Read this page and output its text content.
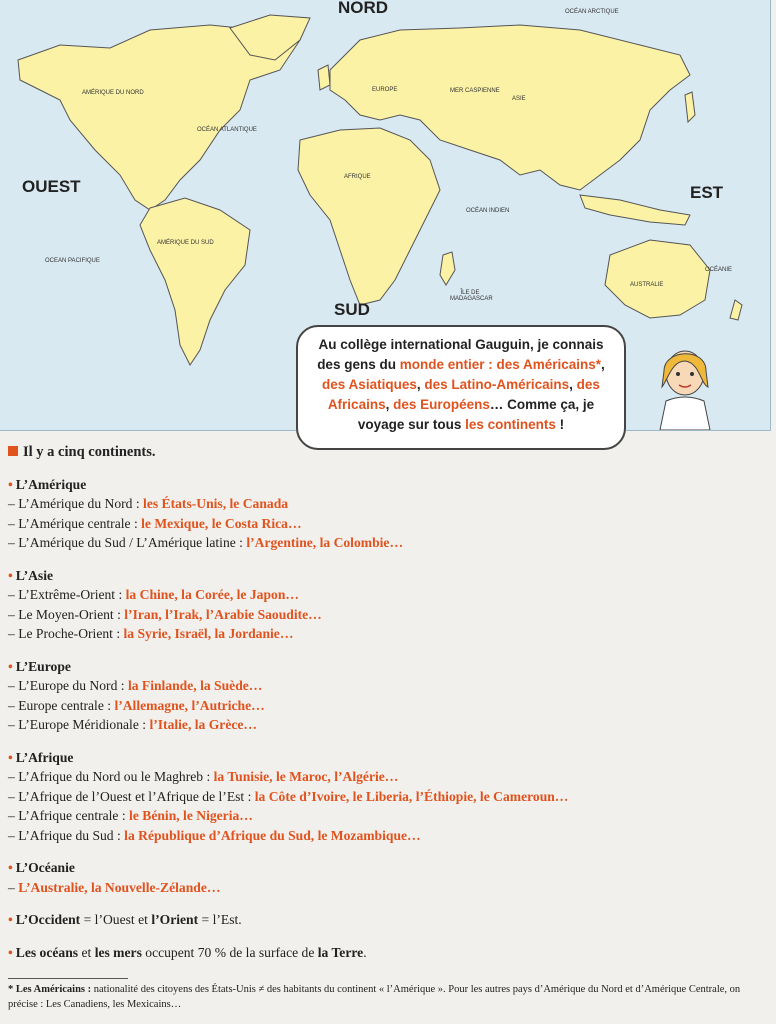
NORD
SUD
OUEST	EST
OCÉAN ARCTIQUE
AMÉRIQUE DU NORD
OCÉAN ATLANTIQUE
EUROPE	MER CASPIENNE
ASIE
AFRIQUE
OCÉAN INDIEN
AMÉRIQUE DU SUD
OCEAN PACIFIQUE
ÎLE DE MADAGASCAR
AUSTRALIE
OCÉANIE
Au collège international Gauguin, je connais des gens du monde entier : des Américains*, des Asiatiques, des Latino-Américains, des Africains, des Européens… Comme ça, je voyage sur tous les continents !
Il y a cinq continents.
• L’Amérique
– L’Amérique du Nord : les États-Unis, le Canada
– L’Amérique centrale : le Mexique, le Costa Rica…
– L’Amérique du Sud / L’Amérique latine : l’Argentine, la Colombie…
• L’Asie
– L’Extrême-Orient : la Chine, la Corée, le Japon…
– Le Moyen-Orient : l’Iran, l’Irak, l’Arabie Saoudite…
– Le Proche-Orient : la Syrie, Israël, la Jordanie…
• L’Europe
– L’Europe du Nord : la Finlande, la Suède…
– Europe centrale : l’Allemagne, l’Autriche…
– L’Europe Méridionale : l’Italie, la Grèce…
• L’Afrique
– L’Afrique du Nord ou le Maghreb : la Tunisie, le Maroc, l’Algérie…
– L’Afrique de l’Ouest et l’Afrique de l’Est : la Côte d’Ivoire, le Liberia, l’Éthiopie, le Cameroun…
– L’Afrique centrale : le Bénin, le Nigeria…
– L’Afrique du Sud : la République d’Afrique du Sud, le Mozambique…
• L’Océanie
– L’Australie, la Nouvelle-Zélande…
• L’Occident = l’Ouest et l’Orient = l’Est.
• Les océans et les mers occupent 70 % de la surface de la Terre.
* Les Américains : nationalité des citoyens des États-Unis ≠ des habitants du continent « l’Amérique ». Pour les autres pays d’Amérique du Nord et d’Amérique Centrale, on précise : Les Canadiens, les Mexicains…
